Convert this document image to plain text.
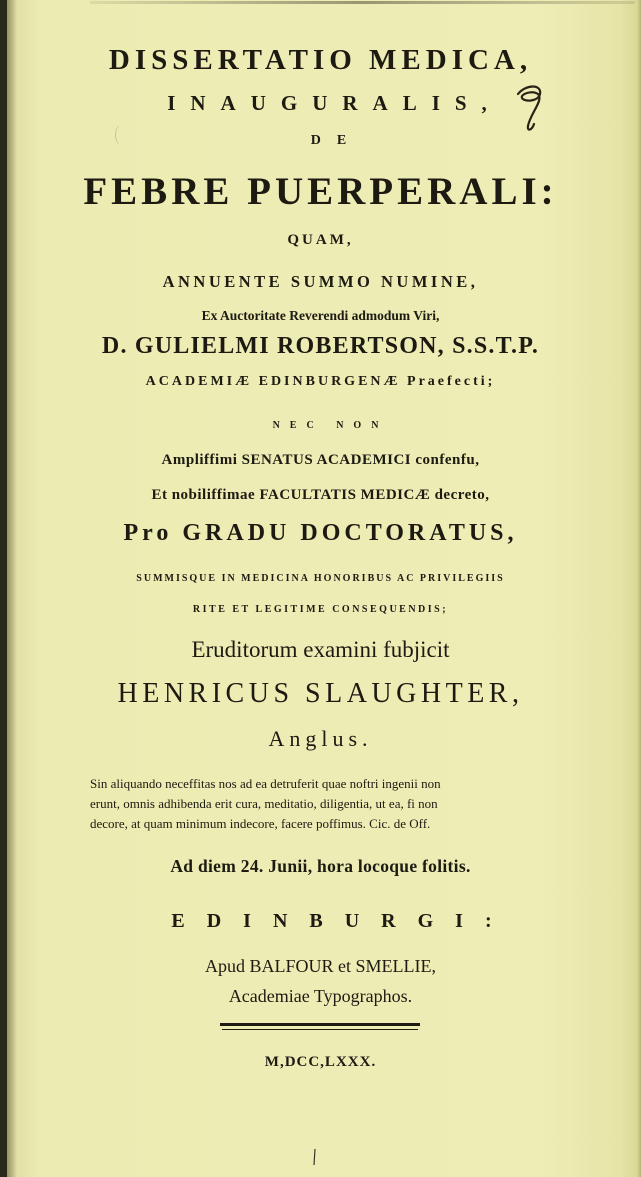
DISSERTATIO MEDICA,
INAUGURALIS,
DE
FEBRE PUERPERALI:
QUAM,
ANNUENTE SUMMO NUMINE,
Ex Auctoritate Reverendi admodum Viri,
D. GULIELMI ROBERTSON, S.S.T.P.
ACADEMIÆ EDINBURGENÆ Praefecti;
NEC NON
Ampliffimi SENATUS ACADEMICI confenfu,
Et nobiliffimae FACULTATIS MEDICÆ decreto,
Pro GRADU DOCTORATUS,
SUMMISQUE IN MEDICINA HONORIBUS AC PRIVILEGIIS
RITE ET LEGITIME CONSEQUENDIS;
Eruditorum examini fubjicit
HENRICUS SLAUGHTER,
Anglus.
Sin aliquando neceffitas nos ad ea detruferit quae noftri ingenii non
erunt, omnis adhibenda erit cura, meditatio, diligentia, ut ea, fi non
decore, at quam minimum indecore, facere poffimus. Cic. de Off.
Ad diem 24. Junii, hora locoque folitis.
EDINBURGI:
Apud BALFOUR et SMELLIE,
Academiae Typographos.
M,DCC,LXXX.
